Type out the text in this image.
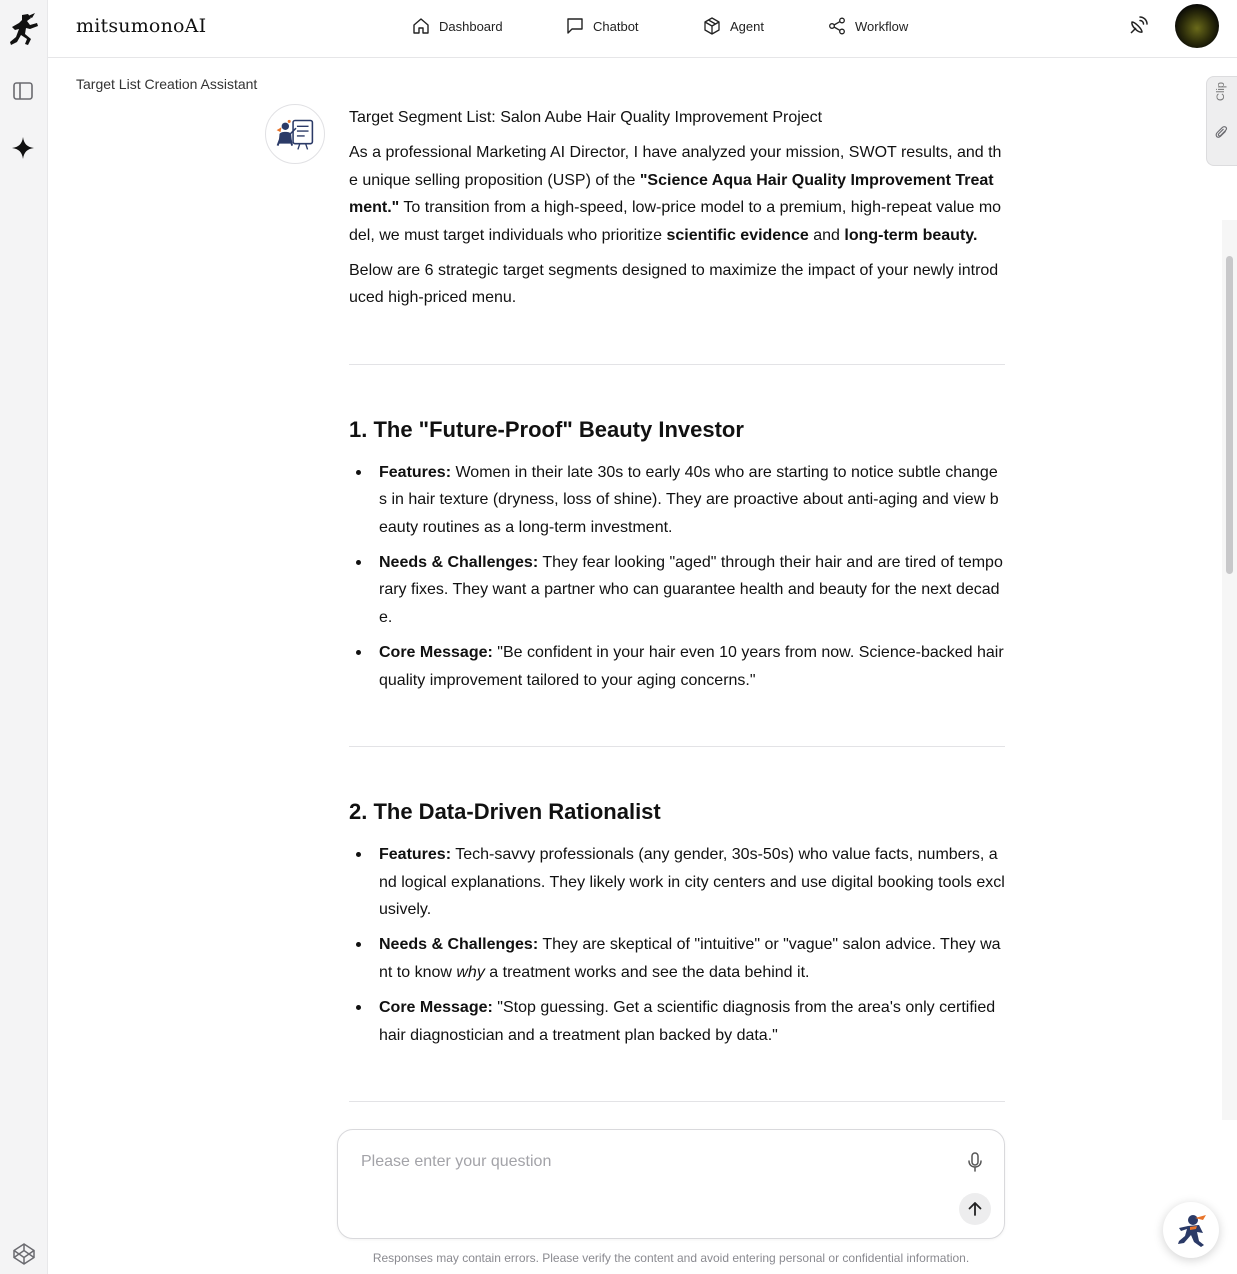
mitsumonoAI	Dashboard	Chatbot	Agent	Workflow
Target List Creation Assistant	Clip

Target Segment List: Salon Aube Hair Quality Improvement Project

As a professional Marketing AI Director, I have analyzed your mission, SWOT results, and the unique selling proposition (USP) of the "Science Aqua Hair Quality Improvement Treatment." To transition from a high-speed, low-price model to a premium, high-repeat value model, we must target individuals who prioritize scientific evidence and long-term beauty.

Below are 6 strategic target segments designed to maximize the impact of your newly introduced high-priced menu.

1. The "Future-Proof" Beauty Investor
Features: Women in their late 30s to early 40s who are starting to notice subtle changes in hair texture (dryness, loss of shine). They are proactive about anti-aging and view beauty routines as a long-term investment.
Needs & Challenges: They fear looking "aged" through their hair and are tired of temporary fixes. They want a partner who can guarantee health and beauty for the next decade.
Core Message: "Be confident in your hair even 10 years from now. Science-backed hair quality improvement tailored to your aging concerns."
2. The Data-Driven Rationalist
Features: Tech-savvy professionals (any gender, 30s-50s) who value facts, numbers, and logical explanations. They likely work in city centers and use digital booking tools exclusively.
Needs & Challenges: They are skeptical of "intuitive" or "vague" salon advice. They want to know why a treatment works and see the data behind it.
Core Message: "Stop guessing. Get a scientific diagnosis from the area's only certified hair diagnostician and a treatment plan backed by data."
Please enter your question
Responses may contain errors. Please verify the content and avoid entering personal or confidential information.
